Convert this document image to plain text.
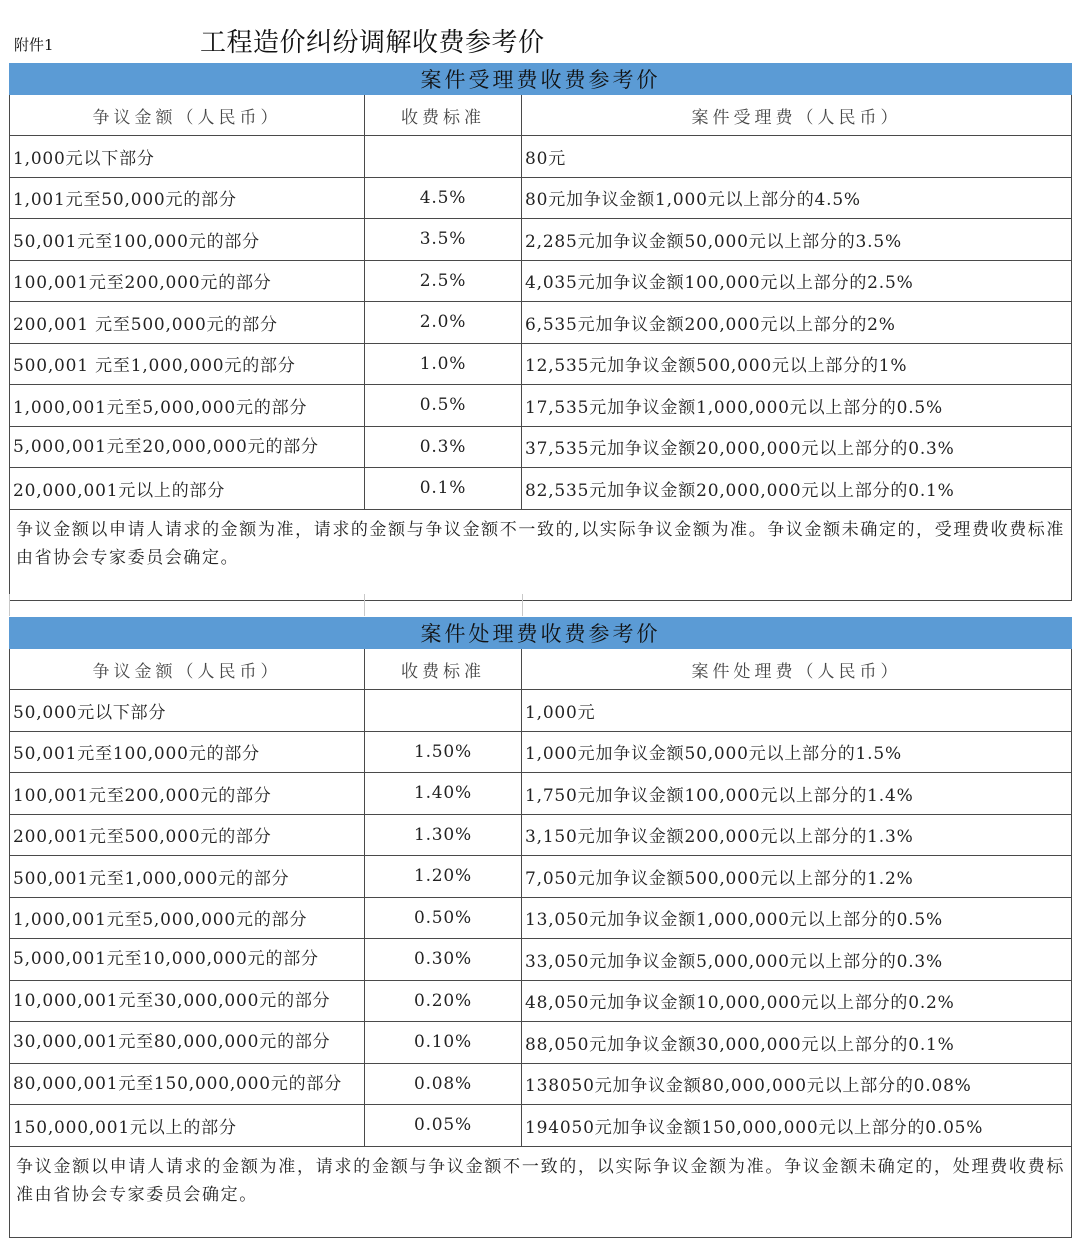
附件1	工程造价纠纷调解收费参考价
案件受理费收费参考价		
争议金额（人民币）	收费标准	案件受理费（人民币）
1,000元以下部分		80元
1,001元至50,000元的部分	4.5%	80元加争议金额1,000元以上部分的4.5%
50,001元至100,000元的部分	3.5%	2,285元加争议金额50,000元以上部分的3.5%
100,001元至200,000元的部分	2.5%	4,035元加争议金额100,000元以上部分的2.5%
200,001 元至500,000元的部分	2.0%	6,535元加争议金额200,000元以上部分的2%
500,001 元至1,000,000元的部分	1.0%	12,535元加争议金额500,000元以上部分的1%
1,000,001元至5,000,000元的部分	0.5%	17,535元加争议金额1,000,000元以上部分的0.5%
5,000,001元至20,000,000元的部分	0.3%	37,535元加争议金额20,000,000元以上部分的0.3%
20,000,001元以上的部分	0.1%	82,535元加争议金额20,000,000元以上部分的0.1%
争议金额以申请人请求的金额为准，请求的金额与争议金额不一致的,以实际争议金额为准。争议金额未确定的，受理费收费标准由省协会专家委员会确定。		
案件处理费收费参考价		
争议金额（人民币）	收费标准	案件处理费（人民币）
50,000元以下部分		1,000元
50,001元至100,000元的部分	1.50%	1,000元加争议金额50,000元以上部分的1.5%
100,001元至200,000元的部分	1.40%	1,750元加争议金额100,000元以上部分的1.4%
200,001元至500,000元的部分	1.30%	3,150元加争议金额200,000元以上部分的1.3%
500,001元至1,000,000元的部分	1.20%	7,050元加争议金额500,000元以上部分的1.2%
1,000,001元至5,000,000元的部分	0.50%	13,050元加争议金额1,000,000元以上部分的0.5%
5,000,001元至10,000,000元的部分	0.30%	33,050元加争议金额5,000,000元以上部分的0.3%
10,000,001元至30,000,000元的部分	0.20%	48,050元加争议金额10,000,000元以上部分的0.2%
30,000,001元至80,000,000元的部分	0.10%	88,050元加争议金额30,000,000元以上部分的0.1%
80,000,001元至150,000,000元的部分	0.08%	138050元加争议金额80,000,000元以上部分的0.08%
150,000,001元以上的部分	0.05%	194050元加争议金额150,000,000元以上部分的0.05%
争议金额以申请人请求的金额为准，请求的金额与争议金额不一致的，以实际争议金额为准。争议金额未确定的，处理费收费标准由省协会专家委员会确定。		
